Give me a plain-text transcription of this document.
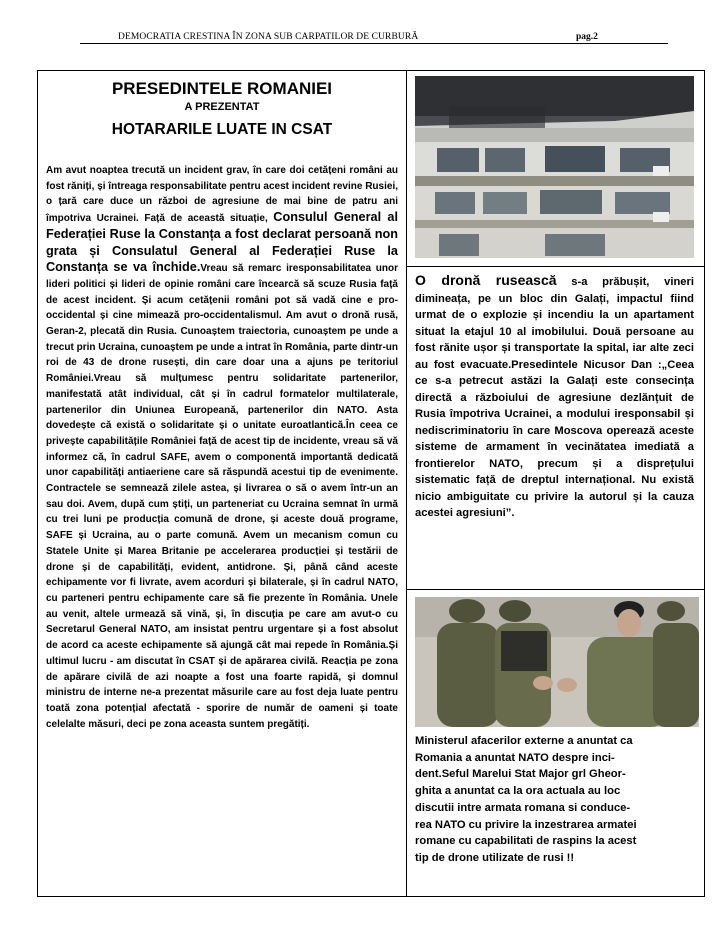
DEMOCRATIA CRESTINA ÎN ZONA SUB CARPATILOR DE CURBURĂ	pag.2
PRESEDINTELE ROMANIEI
A PREZENTAT
HOTARARILE LUATE IN CSAT
Am avut noaptea trecută un incident grav, în care doi cetățeni români au fost răniți, și întreaga responsabilitate pentru acest incident revine Rusiei, o țară care duce un război de agresiune de mai bine de patru ani împotriva Ucrainei. Față de această situație, Consulul General al Federației Ruse la Constanța a fost declarat persoană non grata și Consulatul General al Federației Ruse la Constanța se va închide.Vreau să remarc iresponsabilitatea unor lideri politici și lideri de opinie români care încearcă să scuze Rusia față de acest incident. Și acum cetățenii români pot să vadă cine e pro-occidental și cine mimează pro-occidentalismul. Am avut o dronă rusă, Geran-2, plecată din Rusia. Cunoaștem traiectoria, cunoaștem pe unde a trecut prin Ucraina, cunoaștem pe unde a intrat în România, parte dintr-un roi de 43 de drone rusești, din care doar una a ajuns pe teritoriul României.Vreau să mulțumesc pentru solidaritate partenerilor, manifestată atât individual, cât și în cadrul formatelor multilaterale, partenerilor din Uniunea Europeană, partenerilor din NATO. Asta dovedește că există o solidaritate și o unitate euroatlantică.În ceea ce privește capabilitățile României față de acest tip de incidente, vreau să vă informez că, în cadrul SAFE, avem o componentă importantă dedicată unor capabilități antiaeriene care să răspundă acestui tip de evenimente. Contractele se semnează zilele astea, și livrarea o să o avem într-un an sau doi. Avem, după cum știți, un parteneriat cu Ucraina semnat în urmă cu trei luni pe producția comună de drone, și aceste două programe, SAFE și Ucraina, au o parte comună. Avem un mecanism comun cu Statele Unite și Marea Britanie pe accelerarea producției și testării de drone și de capabilități, evident, antidrone. Și, până când aceste echipamente vor fi livrate, avem acorduri și bilaterale, și în cadrul NATO, cu parteneri pentru echipamente care să fie prezente în România. Unele au venit, altele urmează să vină, și, în discuția pe care am avut-o cu Secretarul General NATO, am insistat pentru urgentare și a fost absolut de acord ca aceste echipamente să ajungă cât mai repede în România.Și ultimul lucru - am discutat în CSAT și de apărarea civilă. Reacția pe zona de apărare civilă de azi noapte a fost una foarte rapidă, și domnul ministru de interne ne-a prezentat măsurile care au fost deja luate pentru toată zona potențial afectată - sporire de număr de oameni și toate celelalte măsuri, deci pe zona aceasta suntem pregătiți.
O dronă rusească s-a prăbușit, vineri dimineața, pe un bloc din Galați, impactul fiind urmat de o explozie și incendiu la un apartament situat la etajul 10 al imobilului. Două persoane au fost rănite ușor și transportate la spital, iar alte zeci au fost evacuate.Presedintele Nicusor Dan :„Ceea ce s-a petrecut astăzi la Galați este consecința directă a războiului de agresiune dezlănțuit de Rusia împotriva Ucrainei, a modului iresponsabil și nediscriminatoriu în care Moscova operează aceste sisteme de armament în vecinătatea imediată a frontierelor NATO, precum și a disprețului sistematic față de dreptul internațional. Nu există nicio ambiguitate cu privire la autorul și la cauza acestei agresiuni”.
Ministerul afacerilor externe a anuntat ca
Romania a anuntat NATO despre inci-
dent.Seful Marelui Stat Major grl Gheor-
ghita a anuntat ca la ora actuala au loc
discutii intre armata romana si conduce-
rea NATO cu privire la inzestrarea armatei
romane cu capabilitati de raspins la acest
tip de drone utilizate de rusi !!
